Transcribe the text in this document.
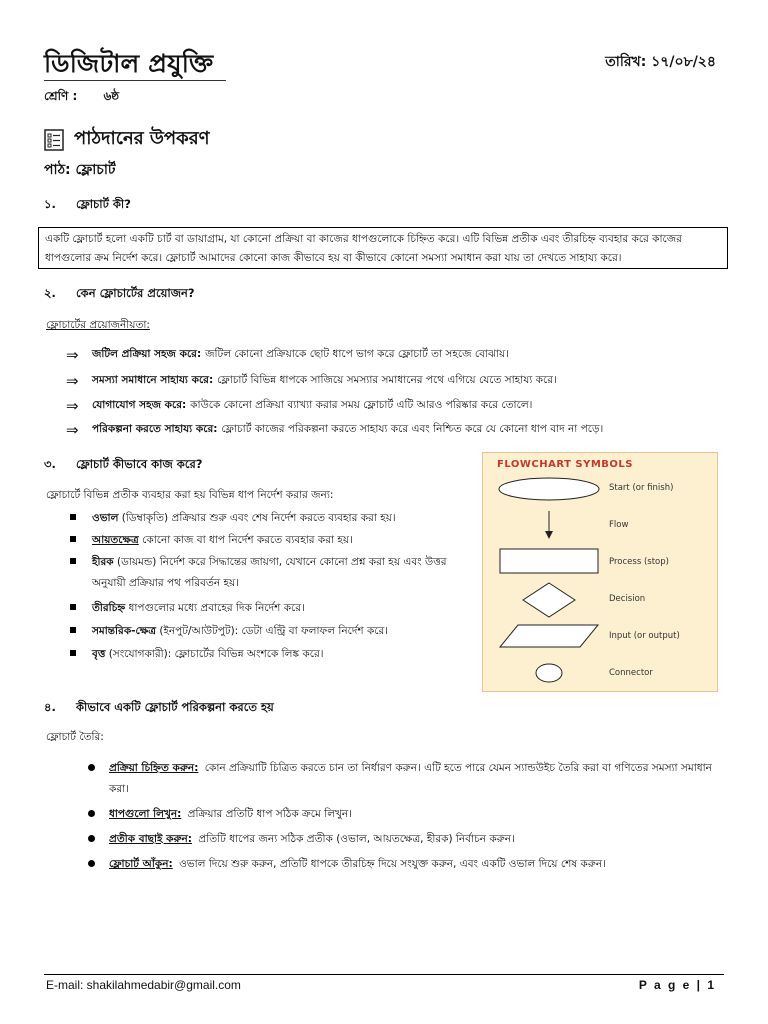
ডিজিটাল প্রযুক্তি	তারিখ: ১৭/০৮/২৪
শ্রেণি : ৬ষ্ঠ
পাঠদানের উপকরণ
পাঠ: ফ্লোচার্ট
১.	ফ্লোচার্ট কী?
একটি ফ্লোচার্ট হলো একটি চার্ট বা ডায়াগ্রাম, যা কোনো প্রক্রিয়া বা কাজের ধাপগুলোকে চিহ্নিত করে। এটি বিভিন্ন প্রতীক এবং তীরচিহ্ন ব্যবহার করে কাজের ধাপগুলোর ক্রম নির্দেশ করে। ফ্লোচার্ট আমাদের কোনো কাজ কীভাবে হয় বা কীভাবে কোনো সমস্যা সমাধান করা যায় তা দেখতে সাহায্য করে।
২.	কেন ফ্লোচার্টের প্রয়োজন?
ফ্লোচার্টের প্রয়োজনীয়তা:
⇒	জটিল প্রক্রিয়া সহজ করে: জটিল কোনো প্রক্রিয়াকে ছোট ধাপে ভাগ করে ফ্লোচার্ট তা সহজে বোঝায়।
⇒	সমস্যা সমাধানে সাহায্য করে: ফ্লোচার্ট বিভিন্ন ধাপকে সাজিয়ে সমস্যার সমাধানের পথে এগিয়ে যেতে সাহায্য করে।
⇒	যোগাযোগ সহজ করে: কাউকে কোনো প্রক্রিয়া ব্যাখ্যা করার সময় ফ্লোচার্ট এটি আরও পরিষ্কার করে তোলে।
⇒	পরিকল্পনা করতে সাহায্য করে: ফ্লোচার্ট কাজের পরিকল্পনা করতে সাহায্য করে এবং নিশ্চিত করে যে কোনো ধাপ বাদ না পড়ে।
৩.	ফ্লোচার্ট কীভাবে কাজ করে?
ফ্লোচার্টে বিভিন্ন প্রতীক ব্যবহার করা হয় বিভিন্ন ধাপ নির্দেশ করার জন্য:
ওভাল (ডিম্বাকৃতি) প্রক্রিয়ার শুরু এবং শেষ নির্দেশ করতে ব্যবহার করা হয়।
আয়তক্ষেত্র কোনো কাজ বা ধাপ নির্দেশ করতে ব্যবহার করা হয়।
হীরক (ডায়মন্ড) নির্দেশ করে সিদ্ধান্তের জায়গা, যেখানে কোনো প্রশ্ন করা হয় এবং উত্তর অনুযায়ী প্রক্রিয়ার পথ পরিবর্তন হয়।
তীরচিহ্ন ধাপগুলোর মধ্যে প্রবাহের দিক নির্দেশ করে।
সমান্তরিক-ক্ষেত্র (ইনপুট/আউটপুট): ডেটা এন্ট্রি বা ফলাফল নির্দেশ করে।
বৃত্ত (সংযোগকারী): ফ্লোচার্টের বিভিন্ন অংশকে লিঙ্ক করে।
FLOWCHART SYMBOLS
Start (or finish)
Flow
Process (stop)
Decision
Input (or output)
Connector
৪.	কীভাবে একটি ফ্লোচার্ট পরিকল্পনা করতে হয়
ফ্লোচার্ট তৈরি:
প্রক্রিয়া চিহ্নিত করুন: কোন প্রক্রিয়াটি চিত্রিত করতে চান তা নির্ধারণ করুন। এটি হতে পারে যেমন স্যান্ডউইচ তৈরি করা বা গণিতের সমস্যা সমাধান করা।
ধাপগুলো লিখুন: প্রক্রিয়ার প্রতিটি ধাপ সঠিক ক্রমে লিখুন।
প্রতীক বাছাই করুন: প্রতিটি ধাপের জন্য সঠিক প্রতীক (ওভাল, আয়তক্ষেত্র, হীরক) নির্বাচন করুন।
ফ্লোচার্ট আঁকুন: ওভাল দিয়ে শুরু করুন, প্রতিটি ধাপকে তীরচিহ্ন দিয়ে সংযুক্ত করুন, এবং একটি ওভাল দিয়ে শেষ করুন।
E-mail: shakilahmedabir@gmail.com	P a g e | 1
